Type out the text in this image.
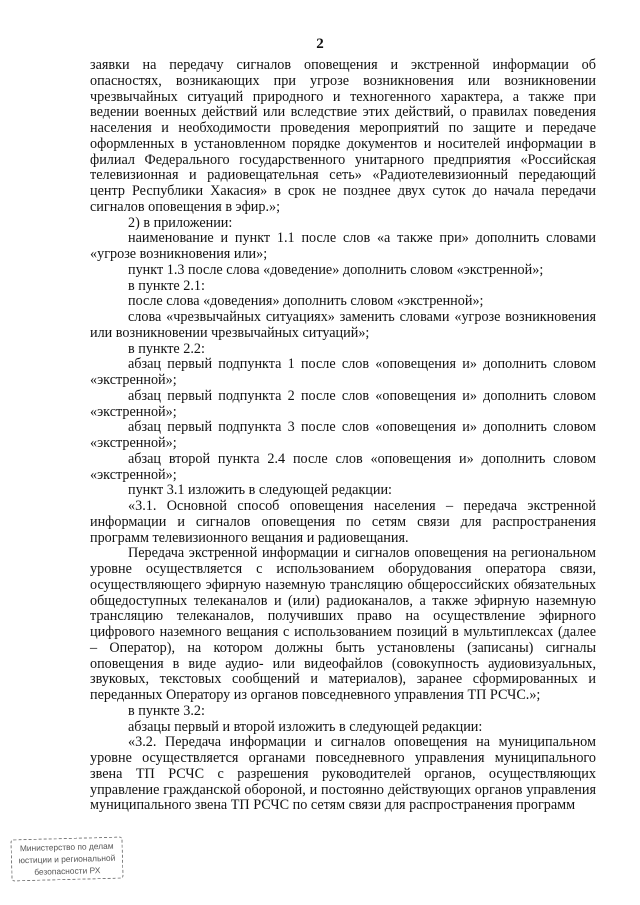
2

заявки на передачу сигналов оповещения и экстренной информации об опасностях, возникающих при угрозе возникновения или возникновении чрезвычайных ситуаций природного и техногенного характера, а также при ведении военных действий или вследствие этих действий, о правилах поведения населения и необходимости проведения мероприятий по защите и передаче оформленных в установленном порядке документов и носителей информации в филиал Федерального государственного унитарного предприятия «Российская телевизионная и радиовещательная сеть» «Радиотелевизионный передающий центр Республики Хакасия» в срок не позднее двух суток до начала передачи сигналов оповещения в эфир.»;

2) в приложении:

наименование и пункт 1.1 после слов «а также при» дополнить словами «угрозе возникновения или»;

пункт 1.3 после слова «доведение» дополнить словом «экстренной»;

в пункте 2.1:

после слова «доведения» дополнить словом «экстренной»;

слова «чрезвычайных ситуациях» заменить словами «угрозе возникновения или возникновении чрезвычайных ситуаций»;

в пункте 2.2:

абзац первый подпункта 1 после слов «оповещения и» дополнить словом «экстренной»;

абзац первый подпункта 2 после слов «оповещения и» дополнить словом «экстренной»;

абзац первый подпункта 3 после слов «оповещения и» дополнить словом «экстренной»;

абзац второй пункта 2.4 после слов «оповещения и» дополнить словом «экстренной»;

пункт 3.1 изложить в следующей редакции:

«3.1. Основной способ оповещения населения – передача экстренной информации и сигналов оповещения по сетям связи для распространения программ телевизионного вещания и радиовещания.

Передача экстренной информации и сигналов оповещения на региональном уровне осуществляется с использованием оборудования оператора связи, осуществляющего эфирную наземную трансляцию общероссийских обязательных общедоступных телеканалов и (или) радиоканалов, а также эфирную наземную трансляцию телеканалов, получивших право на осуществление эфирного цифрового наземного вещания с использованием позиций в мультиплексах (далее – Оператор), на котором должны быть установлены (записаны) сигналы оповещения в виде аудио- или видеофайлов (совокупность аудиовизуальных, звуковых, текстовых сообщений и материалов), заранее сформированных и переданных Оператору из органов повседневного управления ТП РСЧС.»;

в пункте 3.2:

абзацы первый и второй изложить в следующей редакции:

«3.2. Передача информации и сигналов оповещения на муниципальном уровне осуществляется органами повседневного управления муниципального звена ТП РСЧС с разрешения руководителей органов, осуществляющих управление гражданской обороной, и постоянно действующих органов управления муниципального звена ТП РСЧС по сетям связи для распространения программ

Министерство по делам
юстиции и региональной
безопасности РХ
